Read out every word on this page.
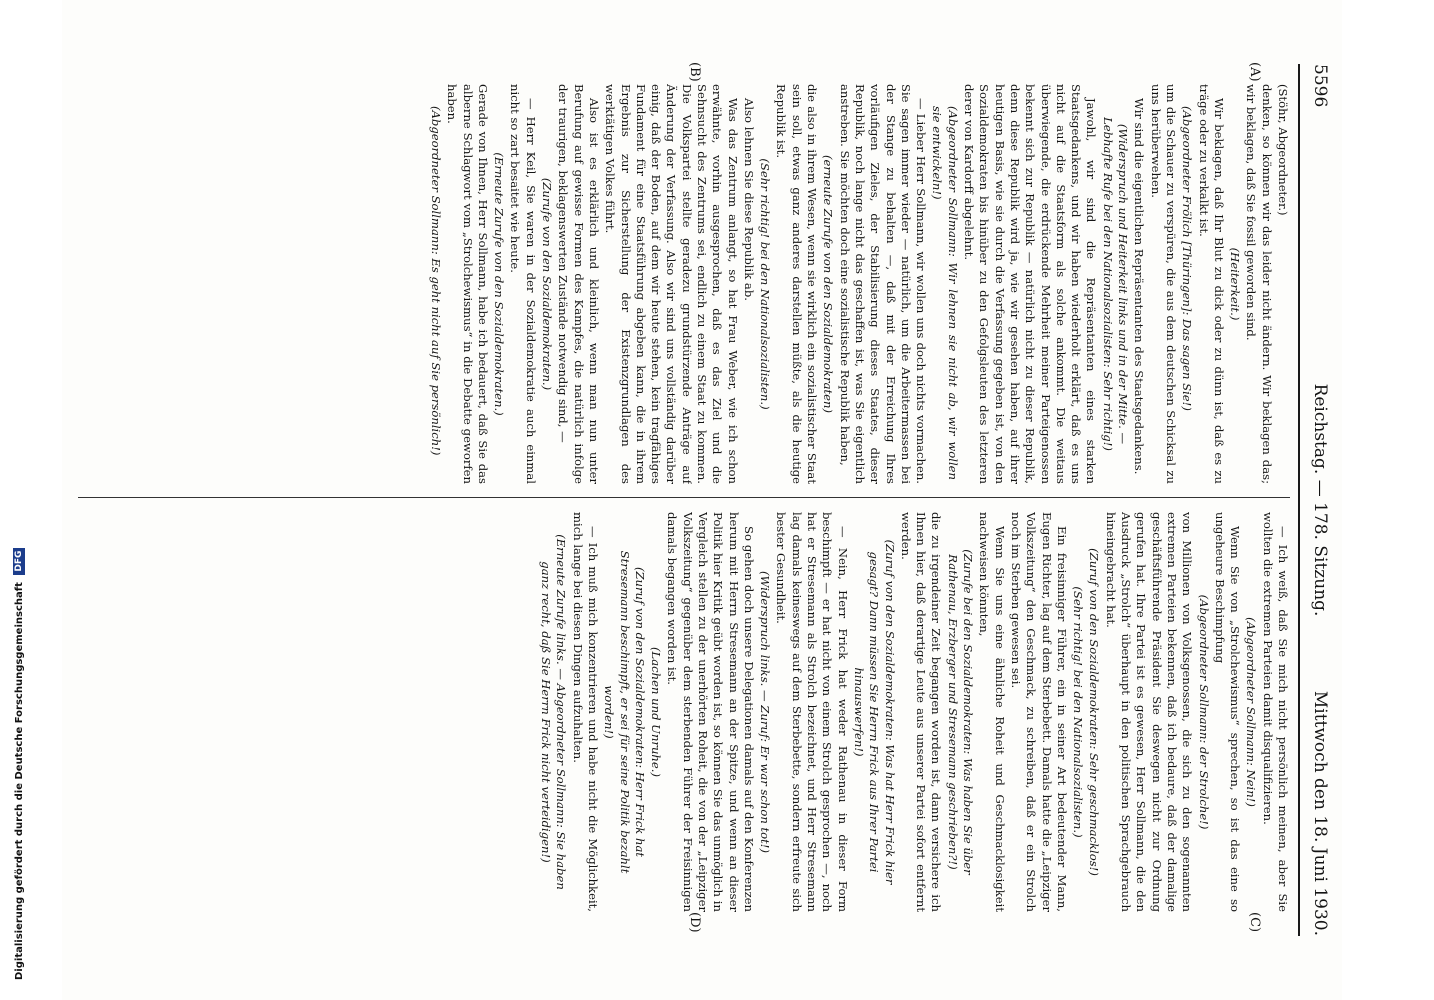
5596
Reichstag. — 178. Sitzung.
Mittwoch den 18. Juni 1930.
(A)
(B)
(C)
(D)

(Stöhr, Abgeordneter.)

denken, so können wir das leider nicht ändern. Wir beklagen das; wir beklagen, daß Sie fossil geworden sind.

(Heiterkeit.)

Wir beklagen, daß Ihr Blut zu dick oder zu dünn ist, daß es zu träge oder zu verkalkt ist.

(Abgeordneter Frölich [Thüringen]: Das sagen Sie!)

um die Schauer zu verspüren, die aus dem deutschen Schicksal zu uns herüberwehen.

Wir sind die eigentlichen Repräsentanten des Staatsgedankens.

(Widerspruch und Heiterkeit links und in der Mitte. — Lebhafte Rufe bei den Nationalsozialisten: Sehr richtig!)

Jawohl, wir sind die Repräsentanten eines starken Staatsgedankens, und wir haben wiederholt erklärt, daß es uns nicht auf die Staatsform als solche ankommt. Die weitaus überwiegende, die erdrückende Mehrheit meiner Parteigenossen bekennt sich zur Republik — natürlich nicht zu dieser Republik, denn diese Republik wird ja, wie wir gesehen haben, auf ihrer heutigen Basis, wie sie durch die Verfassung gegeben ist, von den Sozialdemokraten bis hinüber zu den Gefolgsleuten des letzteren derer von Kardorff abgelehnt.

(Abgeordneter Sollmann: Wir lehnen sie nicht ab, wir wollen sie entwickeln!)

— Lieber Herr Sollmann, wir wollen uns doch nichts vormachen. Sie sagen immer wieder — natürlich, um die Arbeitermassen bei der Stange zu behalten —, daß mit der Erreichung Ihres vorläufigen Zieles, der Stabilisierung dieses Staates, dieser Republik, noch lange nicht das geschaffen ist, was Sie eigentlich anstreben. Sie möchten doch eine sozialistische Republik haben,

(erneute Zurufe von den Sozialdemokraten)

die also in ihrem Wesen, wenn sie wirklich ein sozialistischer Staat sein soll, etwas ganz anderes darstellen müßte, als die heutige Republik ist.

(Sehr richtig! bei den Nationalsozialisten.)

Also lehnen Sie diese Republik ab.

Was das Zentrum anlangt, so hat Frau Weber, wie ich schon erwähnte, vorhin ausgesprochen, daß es das Ziel und die Sehnsucht des Zentrums sei, endlich zu einem Staat zu kommen. Die Volkspartei stellte geradezu grundstürzende Anträge auf Änderung der Verfassung. Also wir sind uns vollständig darüber einig, daß der Boden, auf dem wir heute stehen, kein tragfähiges Fundament für eine Staatsführung abgeben kann, die in ihrem Ergebnis zur Sicherstellung der Existenzgrundlagen des werktätigen Volkes führt.

Also ist es erklärlich und kleinlich, wenn man nun unter Berufung auf gewisse Formen des Kampfes, die natürlich infolge der traurigen, beklagenswerten Zustände notwendig sind, —

(Zurufe von den Sozialdemokraten.)

— Herr Keil, Sie waren in der Sozialdemokratie auch einmal nicht so zart besaitet wie heute.

(Erneute Zurufe von den Sozialdemokraten.)

Gerade von Ihnen, Herr Sollmann, habe ich bedauert, daß Sie das alberne Schlagwort vom „Strolchewismus“ in die Debatte geworfen haben.

(Abgeordneter Sollmann: Es geht nicht auf Sie persönlich!)

— Ich weiß, daß Sie mich nicht persönlich meinen, aber Sie wollten die extremen Parteien damit disqualifizieren.

(Abgeordneter Sollmann: Nein!)

Wenn Sie von „Strolchewismus“ sprechen, so ist das eine so ungeheure Beschimpfung

(Abgeordneter Sollmann: der Strolche!)

von Millionen von Volksgenossen, die sich zu den sogenannten extremen Parteien bekennen, daß ich bedaure, daß der damalige geschäftsführende Präsident Sie deswegen nicht zur Ordnung gerufen hat. Ihre Partei ist es gewesen, Herr Sollmann, die den Ausdruck „Strolch“ überhaupt in den politischen Sprachgebrauch hineingebracht hat.

(Zuruf von den Sozialdemokraten: Sehr geschmacklos!)

(Sehr richtig! bei den Nationalsozialisten.)

Ein freisinniger Führer, ein in seiner Art bedeutender Mann, Eugen Richter, lag auf dem Sterbebett. Damals hatte die „Leipziger Volkszeitung“ den Geschmack, zu schreiben, daß er ein Strolch noch im Sterben gewesen sei.

Wenn Sie uns eine ähnliche Roheit und Geschmacklosigkeit nachweisen könnten,

(Zurufe bei den Sozialdemokraten: Was haben Sie über Rathenau, Erzberger und Stresemann geschrieben?!)

die zu irgendeiner Zeit begangen worden ist, dann versichere ich Ihnen hier, daß derartige Leute aus unserer Partei sofort entfernt werden.

(Zuruf von den Sozialdemokraten: Was hat Herr Frick hier gesagt? Dann müssen Sie Herrn Frick aus Ihrer Partei hinauswerfen!)

— Nein, Herr Frick hat weder Rathenau in dieser Form beschimpft — er hat nicht von einem Strolch gesprochen —, noch hat er Stresemann als Strolch bezeichnet, und Herr Stresemann lag damals keineswegs auf dem Sterbebette, sondern erfreute sich bester Gesundheit.

(Widerspruch links. — Zuruf: Er war schon tot!)

So gehen doch unsere Delegationen damals auf den Konferenzen herum mit Herrn Stresemann an der Spitze, und wenn an dieser Politik hier Kritik geübt worden ist, so können Sie das unmöglich in Vergleich stellen zu der unerhörten Roheit, die von der „Leipziger Volkszeitung“ gegenüber dem sterbenden Führer der Freisinnigen damals begangen worden ist.

(Lachen und Unruhe.)

(Zuruf von den Sozialdemokraten: Herr Frick hat Stresemann beschimpft, er sei für seine Politik bezahlt worden!)

— Ich muß mich konzentrieren und habe nicht die Möglichkeit, mich lange bei diesen Dingen aufzuhalten.

(Erneute Zurufe links. — Abgeordneter Sollmann: Sie haben ganz recht, daß Sie Herrn Frick nicht verteidigen!)

Digitalisierung gefördert durch die Deutsche Forschungsgemeinschaft DFG
